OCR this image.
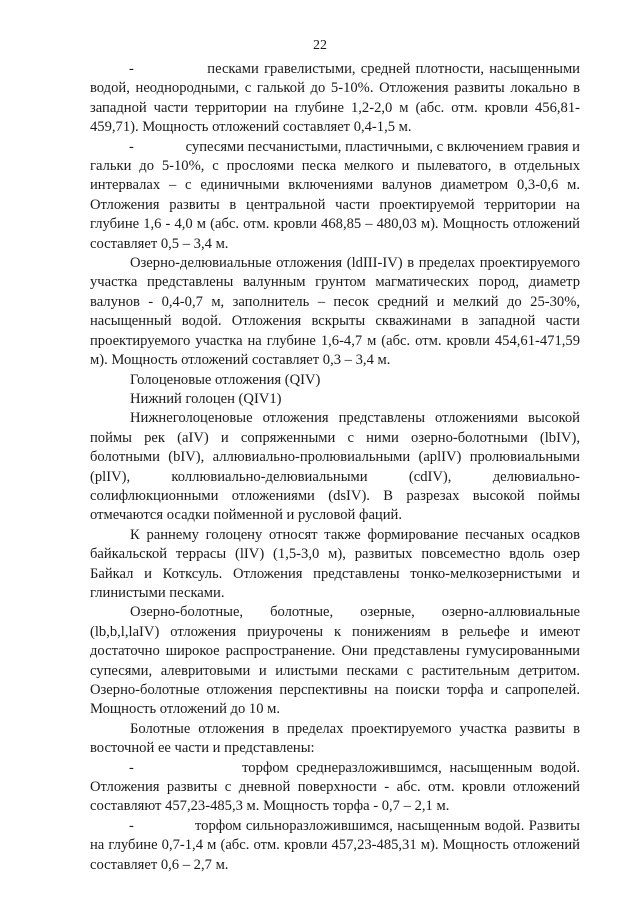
22

-              песками гравелистыми, средней плотности, насыщенными водой, неоднородными, с галькой до 5-10%. Отложения развиты локально в западной части территории на глубине 1,2-2,0 м (абс. отм. кровли 456,81-459,71). Мощность отложений составляет 0,4-1,5 м.

-              супесями песчанистыми, пластичными, с включением гравия и гальки до 5-10%, с прослоями песка мелкого и пылеватого, в отдельных интервалах – с единичными включениями валунов диаметром 0,3-0,6 м. Отложения развиты в центральной части проектируемой территории на глубине 1,6 - 4,0 м (абс. отм. кровли 468,85 – 480,03 м). Мощность отложений составляет 0,5 – 3,4 м.

Озерно-делювиальные отложения (ldIII-IV) в пределах проектируемого участка представлены валунным грунтом магматических пород, диаметр валунов - 0,4-0,7 м, заполнитель – песок средний и мелкий до 25-30%, насыщенный водой. Отложения вскрыты скважинами в западной части проектируемого участка на глубине 1,6-4,7 м (абс. отм. кровли 454,61-471,59 м). Мощность отложений составляет 0,3 – 3,4 м.

Голоценовые отложения (QIV)

Нижний голоцен (QIV1)

Нижнеголоценовые отложения представлены отложениями высокой поймы рек (aIV) и сопряженными с ними озерно-болотными (lbIV), болотными (bIV), аллювиально-пролювиальными (aplIV) пролювиальными (plIV), коллювиально-делювиальными (cdIV), делювиально-солифлюкционными отложениями (dsIV). В разрезах высокой поймы отмечаются осадки пойменной и русловой фаций.

К раннему голоцену относят также формирование песчаных осадков байкальской террасы (lIV) (1,5-3,0 м), развитых повсеместно вдоль озер Байкал и Котксуль. Отложения представлены тонко-мелкозернистыми и глинистыми песками.

Озерно-болотные, болотные, озерные, озерно-аллювиальные (lb,b,l,laIV) отложения приурочены к понижениям в рельефе и имеют достаточно широкое распространение. Они представлены гумусированными супесями, алевритовыми и илистыми песками с растительным детритом. Озерно-болотные отложения перспективны на поиски торфа и сапропелей. Мощность отложений до 10 м.

Болотные отложения в пределах проектируемого участка развиты в восточной ее части и представлены:

-              торфом среднеразложившимся, насыщенным водой. Отложения развиты с дневной поверхности - абс. отм. кровли отложений составляют 457,23-485,3 м. Мощность торфа - 0,7 – 2,1 м.

-              торфом сильноразложившимся, насыщенным водой. Развиты на глубине 0,7-1,4 м (абс. отм. кровли 457,23-485,31 м). Мощность отложений составляет 0,6 – 2,7 м.
